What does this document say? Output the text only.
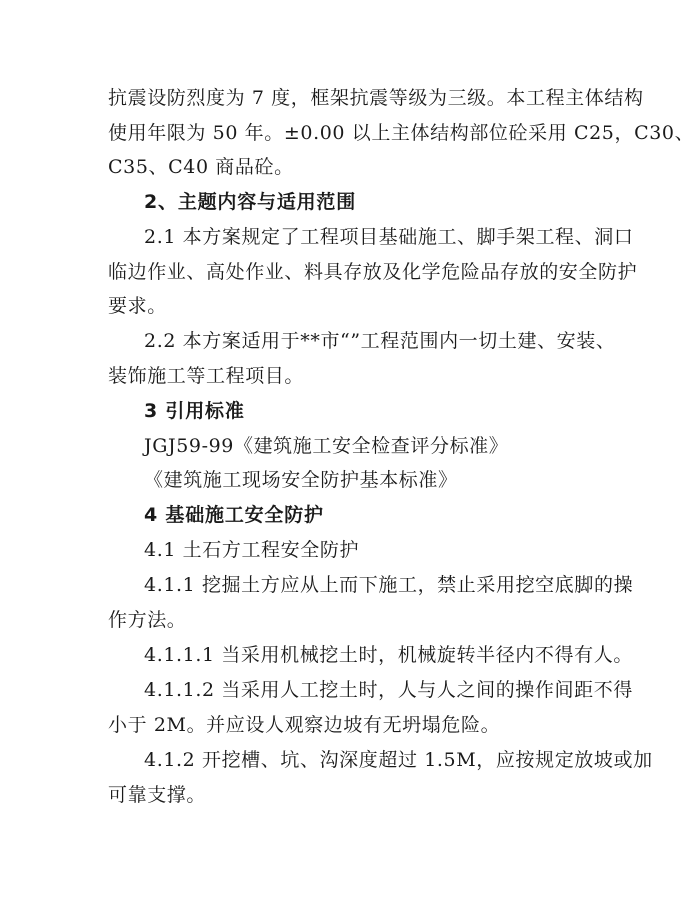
抗震设防烈度为 7 度，框架抗震等级为三级。本工程主体结构
使用年限为 50 年。±0.00 以上主体结构部位砼采用 C25，C30、
C35、C40 商品砼。
2、主题内容与适用范围
2.1 本方案规定了工程项目基础施工、脚手架工程、洞口
临边作业、高处作业、料具存放及化学危险品存放的安全防护
要求。
2.2 本方案适用于**市“”工程范围内一切土建、安装、
装饰施工等工程项目。
3 引用标准
JGJ59-99《建筑施工安全检查评分标准》
《建筑施工现场安全防护基本标准》
4 基础施工安全防护
4.1 土石方工程安全防护
4.1.1 挖掘土方应从上而下施工，禁止采用挖空底脚的操
作方法。
4.1.1.1 当采用机械挖土时，机械旋转半径内不得有人。
4.1.1.2 当采用人工挖土时，人与人之间的操作间距不得
小于 2M。并应设人观察边坡有无坍塌危险。
4.1.2 开挖槽、坑、沟深度超过 1.5M，应按规定放坡或加
可靠支撑。
